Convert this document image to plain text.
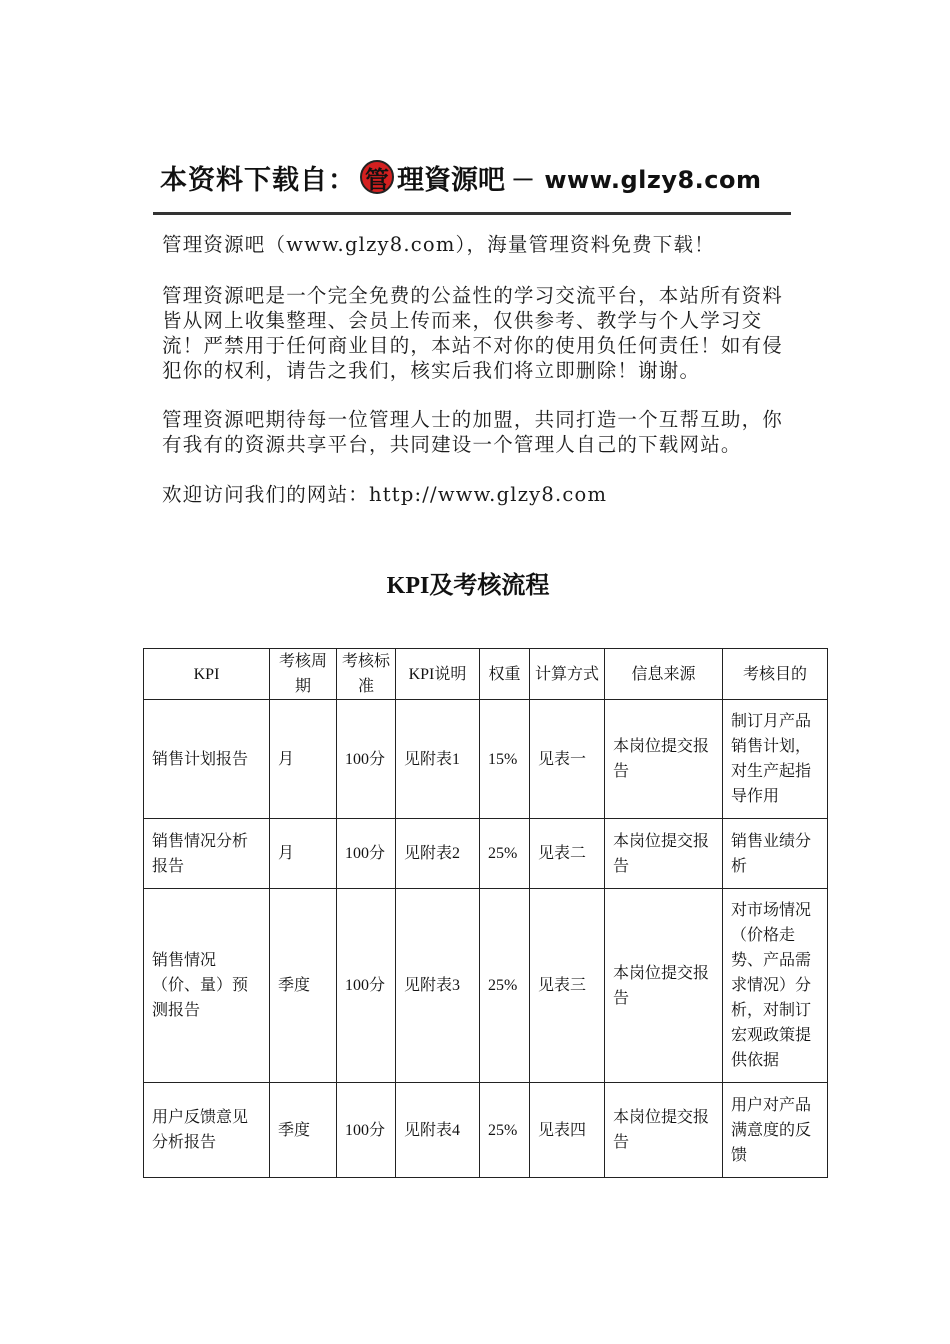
本资料下载自： 管 理資源吧 － www.glzy8.com
管理资源吧（www.glzy8.com），海量管理资料免费下载！
管理资源吧是一个完全免费的公益性的学习交流平台，本站所有资料皆从网上收集整理、会员上传而来，仅供参考、教学与个人学习交流！严禁用于任何商业目的，本站不对你的使用负任何责任！如有侵犯你的权利，请告之我们，核实后我们将立即删除！谢谢。
管理资源吧期待每一位管理人士的加盟，共同打造一个互帮互助，你有我有的资源共享平台，共同建设一个管理人自己的下载网站。
欢迎访问我们的网站：http://www.glzy8.com
KPI及考核流程
KPI	考核周期	考核标准	KPI说明	权重	计算方式	信息来源	考核目的
销售计划报告	月	100分	见附表1	15%	见表一	本岗位提交报告	制订月产品销售计划，对生产起指导作用
销售情况分析报告	月	100分	见附表2	25%	见表二	本岗位提交报告	销售业绩分析
销售情况（价、量）预测报告	季度	100分	见附表3	25%	见表三	本岗位提交报告	对市场情况（价格走势、产品需求情况）分析，对制订宏观政策提供依据
用户反馈意见分析报告	季度	100分	见附表4	25%	见表四	本岗位提交报告	用户对产品满意度的反馈
